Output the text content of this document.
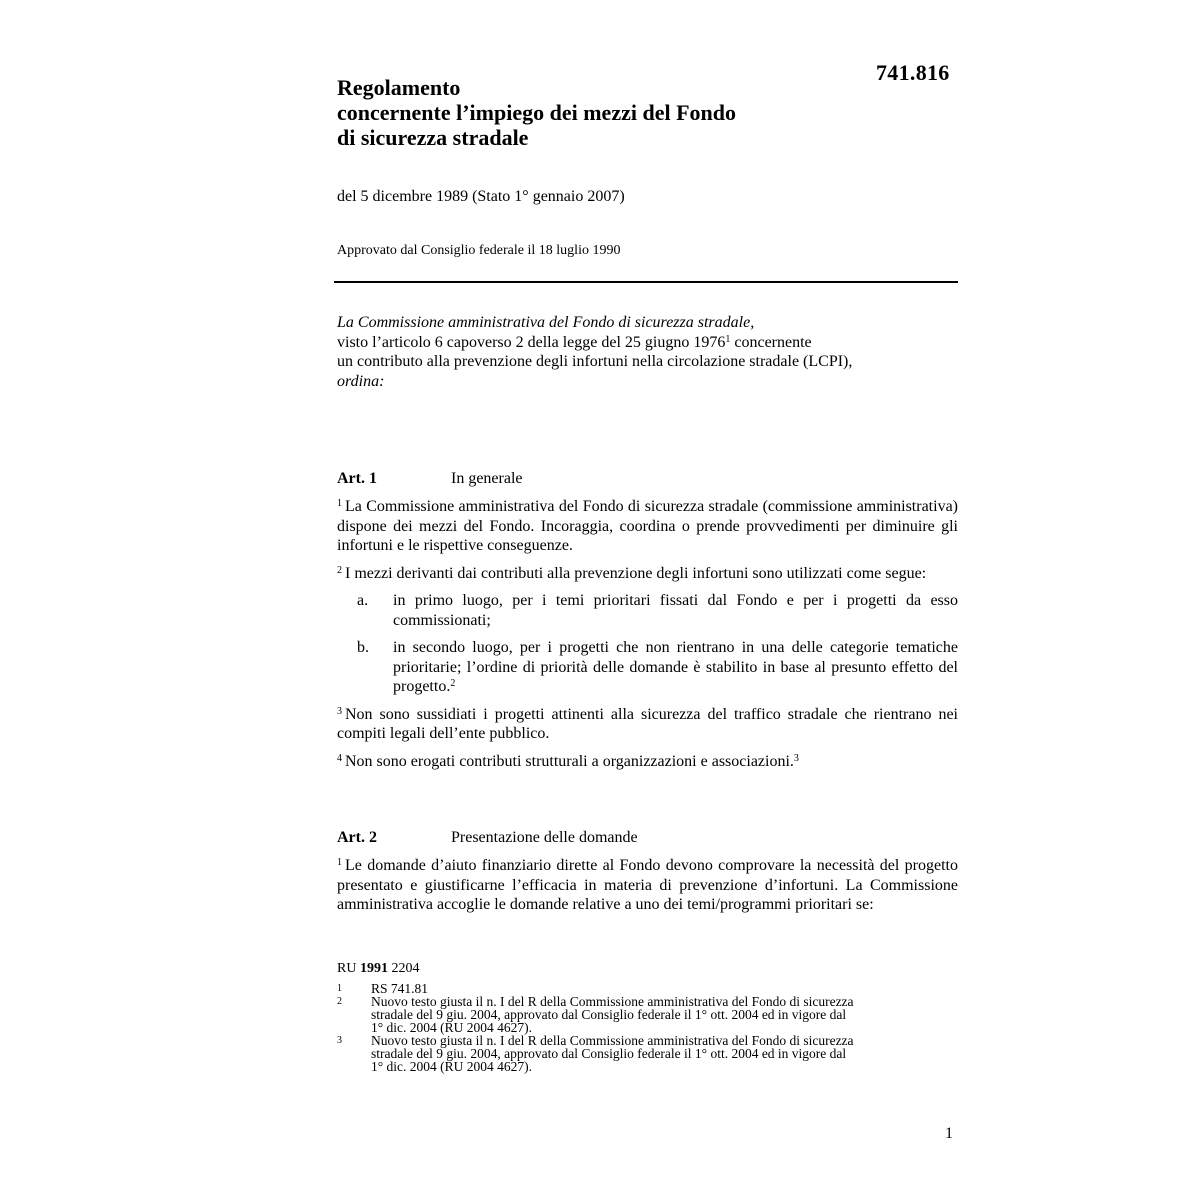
741.816
Regolamento
concernente l’impiego dei mezzi del Fondo
di sicurezza stradale
del 5 dicembre 1989 (Stato 1° gennaio 2007)
Approvato dal Consiglio federale il 18 luglio 1990
La Commissione amministrativa del Fondo di sicurezza stradale,
visto l’articolo 6 capoverso 2 della legge del 25 giugno 1976$^1$ concernente
un contributo alla prevenzione degli infortuni nella circolazione stradale (LCPI),
ordina:
Art. 1	In generale

$^1$ La Commissione amministrativa del Fondo di sicurezza stradale (commissione amministrativa) dispone dei mezzi del Fondo. Incoraggia, coordina o prende provvedimenti per diminuire gli infortuni e le rispettive conseguenze.

$^2$ I mezzi derivanti dai contributi alla prevenzione degli infortuni sono utilizzati come segue:

a.	in primo luogo, per i temi prioritari fissati dal Fondo e per i progetti da esso commissionati;
b.	in secondo luogo, per i progetti che non rientrano in una delle categorie tematiche prioritarie; l’ordine di priorità delle domande è stabilito in base al presunto effetto del progetto.$^2$

$^3$ Non sono sussidiati i progetti attinenti alla sicurezza del traffico stradale che rientrano nei compiti legali dell’ente pubblico.

$^4$ Non sono erogati contributi strutturali a organizzazioni e associazioni.$^3$

Art. 2	Presentazione delle domande

$^1$ Le domande d’aiuto finanziario dirette al Fondo devono comprovare la necessità del progetto presentato e giustificarne l’efficacia in materia di prevenzione d’infortuni. La Commissione amministrativa accoglie le domande relative a uno dei temi/programmi prioritari se:

RU 1991 2204
1	RS 741.81
2	Nuovo testo giusta il n. I del R della Commissione amministrativa del Fondo di sicurezza
stradale del 9 giu. 2004, approvato dal Consiglio federale il 1° ott. 2004 ed in vigore dal
1° dic. 2004 (RU 2004 4627).
3	Nuovo testo giusta il n. I del R della Commissione amministrativa del Fondo di sicurezza
stradale del 9 giu. 2004, approvato dal Consiglio federale il 1° ott. 2004 ed in vigore dal
1° dic. 2004 (RU 2004 4627).
1
